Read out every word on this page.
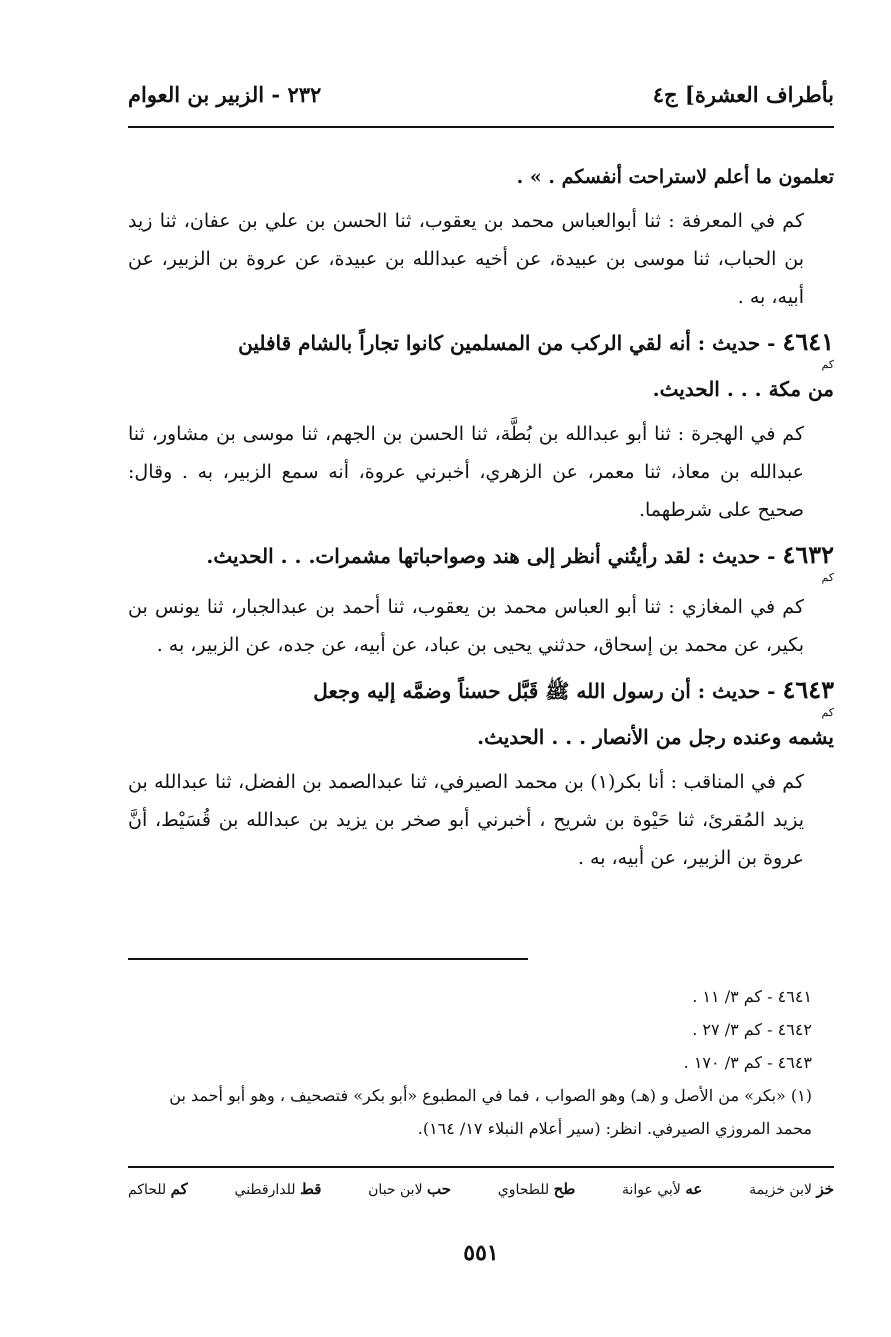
بأطراف العشرة] ج٤
٢٣٢ - الزبير بن العوام
تعلمون ما أعلم لاستراحت أنفسكم . » .
كم في المعرفة : ثنا أبوالعباس محمد بن يعقوب، ثنا الحسن بن علي بن عفان، ثنا زيد بن الحباب، ثنا موسى بن عبيدة، عن أخيه عبدالله بن عبيدة، عن عروة بن الزبير، عن أبيه، به .
٤٦٤١ - حديث : أنه لقي الركب من المسلمين كانوا تجاراً بالشام قافلين
كم
من مكة . . . الحديث.
كم في الهجرة : ثنا أبو عبدالله بن بُطَّة، ثنا الحسن بن الجهم، ثنا موسى بن مشاور، ثنا عبدالله بن معاذ، ثنا معمر، عن الزهري، أخبرني عروة، أنه سمع الزبير، به . وقال: صحيح على شرطهما.
٤٦٣٢ - حديث : لقد رأيتُني أنظر إلى هند وصواحباتها مشمرات. . . الحديث.
كم
كم في المغازي : ثنا أبو العباس محمد بن يعقوب، ثنا أحمد بن عبدالجبار، ثنا يونس بن بكير، عن محمد بن إسحاق، حدثني يحيى بن عباد، عن أبيه، عن جده، عن الزبير، به .
٤٦٤٣ - حديث : أن رسول الله ﷺ قَبَّل حسناً وضمَّه إليه وجعل
كم
يشمه وعنده رجل من الأنصار . . . الحديث.
كم في المناقب : أنا بكر(١) بن محمد الصيرفي، ثنا عبدالصمد بن الفضل، ثنا عبدالله بن يزيد المُقرئ، ثنا حَيْوة بن شريح ، أخبرني أبو صخر بن يزيد بن عبدالله بن قُسَيْط، أنَّ عروة بن الزبير، عن أبيه، به .
٤٦٤١ - كم ٣/ ١١ .
٤٦٤٢ - كم ٣/ ٢٧ .
٤٦٤٣ - كم ٣/ ١٧٠ .
(١) «بكر» من الأصل و (هـ) وهو الصواب ، فما في المطبوع «أبو بكر» فتصحيف ، وهو أبو أحمد بن محمد المروزي الصيرفي. انظر: (سير أعلام النبلاء ١٧/ ١٦٤).
خز لابن خزيمة
عه لأبي عوانة
طح للطحاوي
حب لابن حبان
قط للدارقطني
كم للحاكم
٥٥١
